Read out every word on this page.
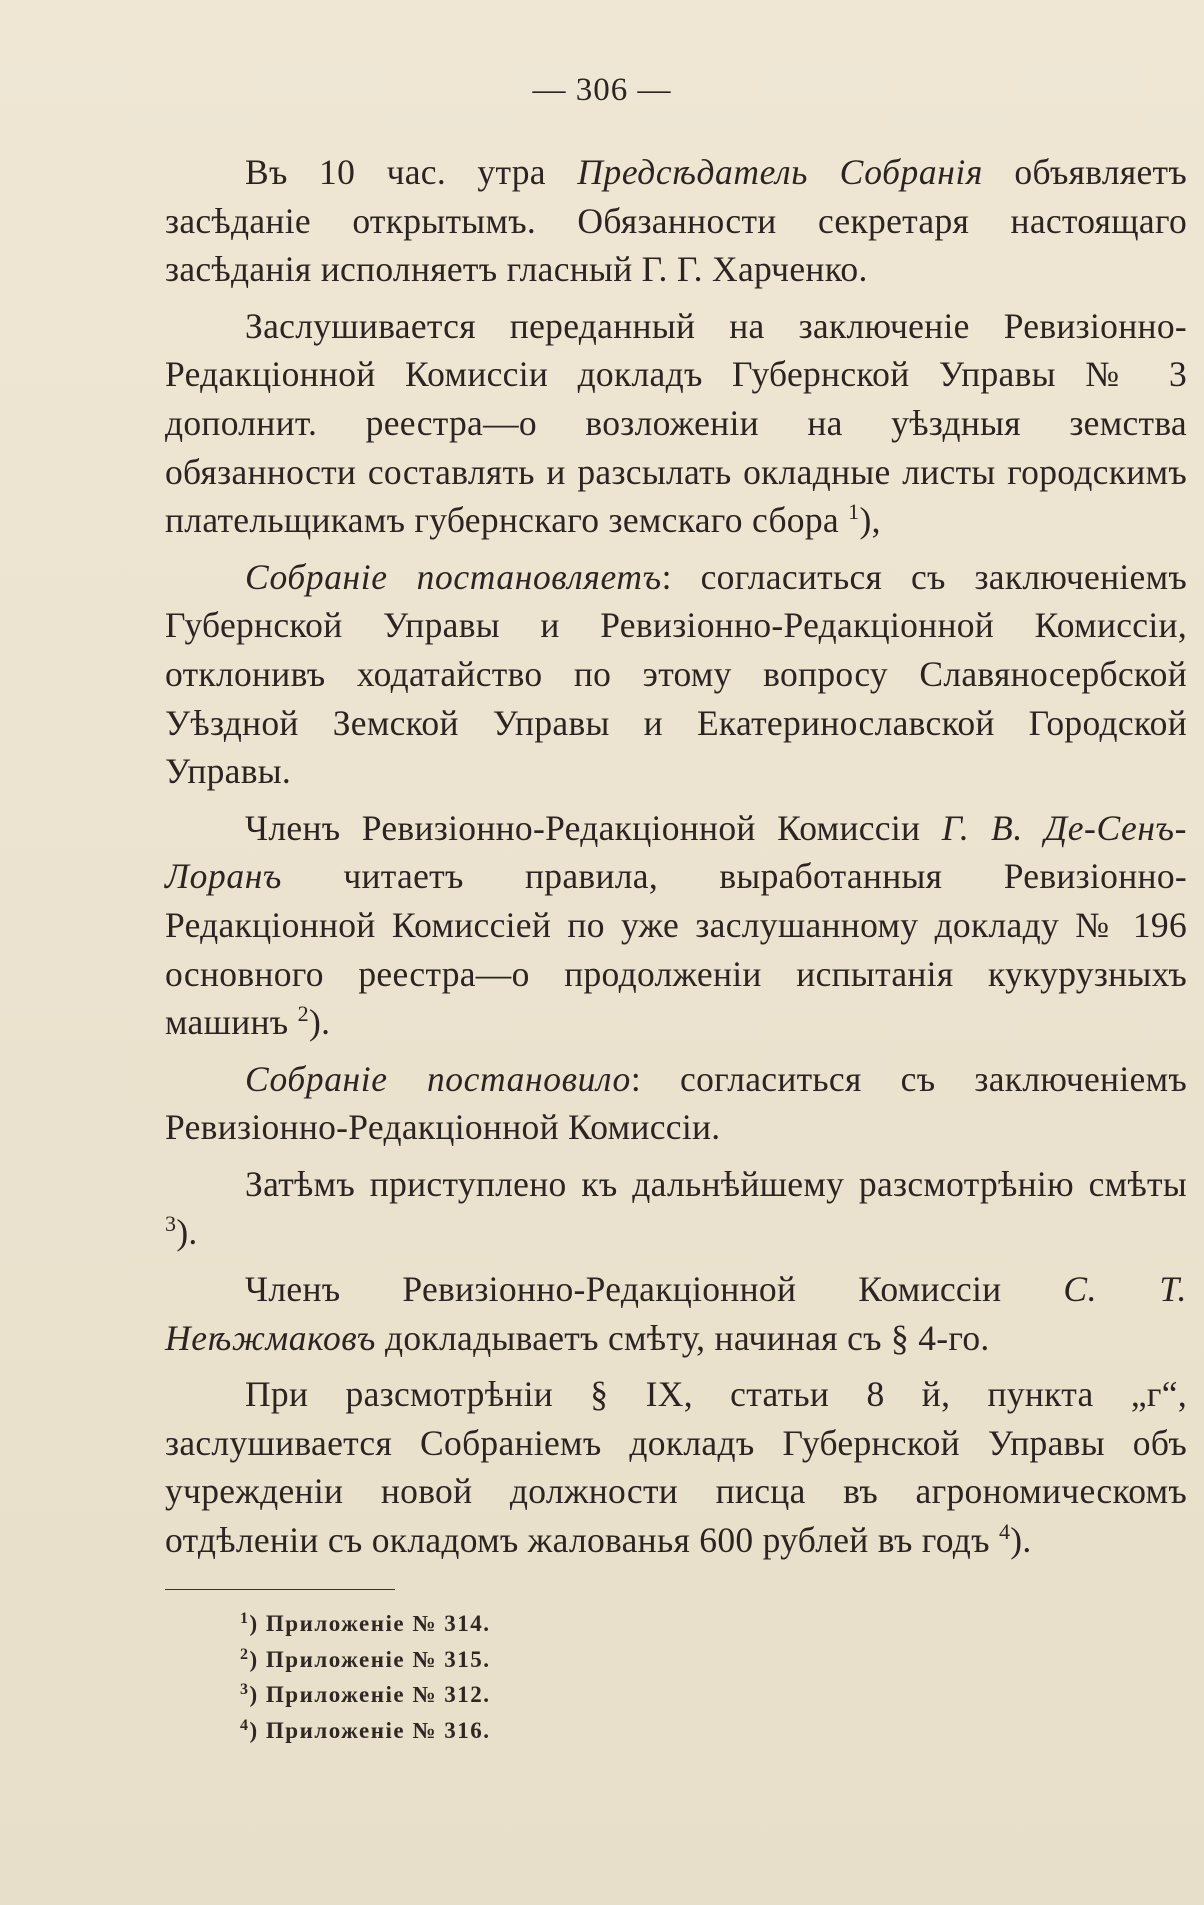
— 306 —

Въ 10 час. утра Предсѣдатель Собранія объявляетъ засѣданіе открытымъ. Обязанности секретаря настоящаго засѣданія исполняетъ гласный Г. Г. Харченко.

Заслушивается переданный на заключеніе Ревизіонно-Редакціонной Комиссіи докладъ Губернской Управы № 3 дополнит. реестра—о возложеніи на уѣздныя земства обязанности составлять и разсылать окладные листы городскимъ плательщикамъ губернскаго земскаго сбора $^1$),

Собраніе постановляетъ: согласиться съ заключеніемъ Губернской Управы и Ревизіонно-Редакціонной Комиссіи, отклонивъ ходатайство по этому вопросу Славяносербской Уѣздной Земской Управы и Екатеринославской Городской Управы.

Членъ Ревизіонно-Редакціонной Комиссіи Г. В. Де-Сенъ-Лоранъ читаетъ правила, выработанныя Ревизіонно-Редакціонной Комиссіей по уже заслушанному докладу № 196 основного реестра—о продолженіи испытанія кукурузныхъ машинъ $^2$).

Собраніе постановило: согласиться съ заключеніемъ Ревизіонно-Редакціонной Комиссіи.

Затѣмъ приступлено къ дальнѣйшему разсмотрѣнію смѣты $^3$).

Членъ Ревизіонно-Редакціонной Комиссіи С. Т. Неѣжмаковъ докладываетъ смѣту, начиная съ § 4-го.

При разсмотрѣніи § IX, статьи 8 й, пункта „г“, заслушивается Собраніемъ докладъ Губернской Управы объ учрежденіи новой должности писца въ агрономическомъ отдѣленіи съ окладомъ жалованья 600 рублей въ годъ $^4$).

$^1$) Приложеніе № 314.
$^2$) Приложеніе № 315.
$^3$) Приложеніе № 312.
$^4$) Приложеніе № 316.
